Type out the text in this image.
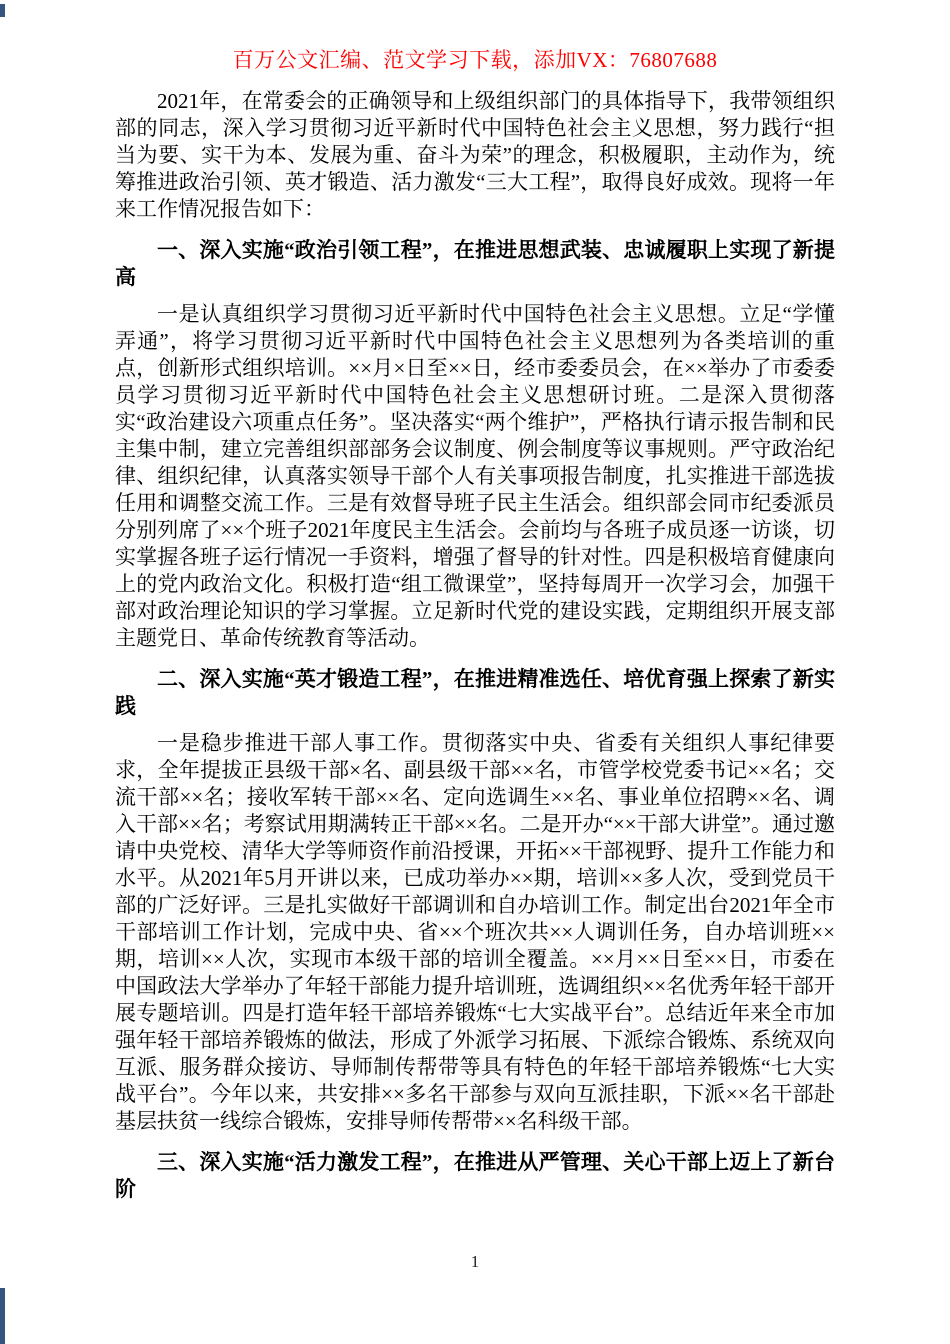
百万公文汇编、范文学习下载，添加VX：76807688

2021年，在常委会的正确领导和上级组织部门的具体指导下，我带领组织部的同志，深入学习贯彻习近平新时代中国特色社会主义思想，努力践行“担当为要、实干为本、发展为重、奋斗为荣”的理念，积极履职，主动作为，统筹推进政治引领、英才锻造、活力激发“三大工程”，取得良好成效。现将一年来工作情况报告如下：

一、深入实施“政治引领工程”，在推进思想武装、忠诚履职上实现了新提高

一是认真组织学习贯彻习近平新时代中国特色社会主义思想。立足“学懂弄通”，将学习贯彻习近平新时代中国特色社会主义思想列为各类培训的重点，创新形式组织培训。××月×日至××日，经市委委员会，在××举办了市委委员学习贯彻习近平新时代中国特色社会主义思想研讨班。二是深入贯彻落实“政治建设六项重点任务”。坚决落实“两个维护”，严格执行请示报告制和民主集中制，建立完善组织部部务会议制度、例会制度等议事规则。严守政治纪律、组织纪律，认真落实领导干部个人有关事项报告制度，扎实推进干部选拔任用和调整交流工作。三是有效督导班子民主生活会。组织部会同市纪委派员分别列席了××个班子2021年度民主生活会。会前均与各班子成员逐一访谈，切实掌握各班子运行情况一手资料，增强了督导的针对性。四是积极培育健康向上的党内政治文化。积极打造“组工微课堂”，坚持每周开一次学习会，加强干部对政治理论知识的学习掌握。立足新时代党的建设实践，定期组织开展支部主题党日、革命传统教育等活动。

二、深入实施“英才锻造工程”，在推进精准选任、培优育强上探索了新实践

一是稳步推进干部人事工作。贯彻落实中央、省委有关组织人事纪律要求，全年提拔正县级干部×名、副县级干部××名，市管学校党委书记××名；交流干部××名；接收军转干部××名、定向选调生××名、事业单位招聘××名、调入干部××名；考察试用期满转正干部××名。二是开办“××干部大讲堂”。通过邀请中央党校、清华大学等师资作前沿授课，开拓××干部视野、提升工作能力和水平。从2021年5月开讲以来，已成功举办××期，培训××多人次，受到党员干部的广泛好评。三是扎实做好干部调训和自办培训工作。制定出台2021年全市干部培训工作计划，完成中央、省××个班次共××人调训任务，自办培训班××期，培训××人次，实现市本级干部的培训全覆盖。××月××日至××日，市委在中国政法大学举办了年轻干部能力提升培训班，选调组织××名优秀年轻干部开展专题培训。四是打造年轻干部培养锻炼“七大实战平台”。总结近年来全市加强年轻干部培养锻炼的做法，形成了外派学习拓展、下派综合锻炼、系统双向互派、服务群众接访、导师制传帮带等具有特色的年轻干部培养锻炼“七大实战平台”。今年以来，共安排××多名干部参与双向互派挂职，下派××名干部赴基层扶贫一线综合锻炼，安排导师传帮带××名科级干部。

三、深入实施“活力激发工程”，在推进从严管理、关心干部上迈上了新台阶
1
